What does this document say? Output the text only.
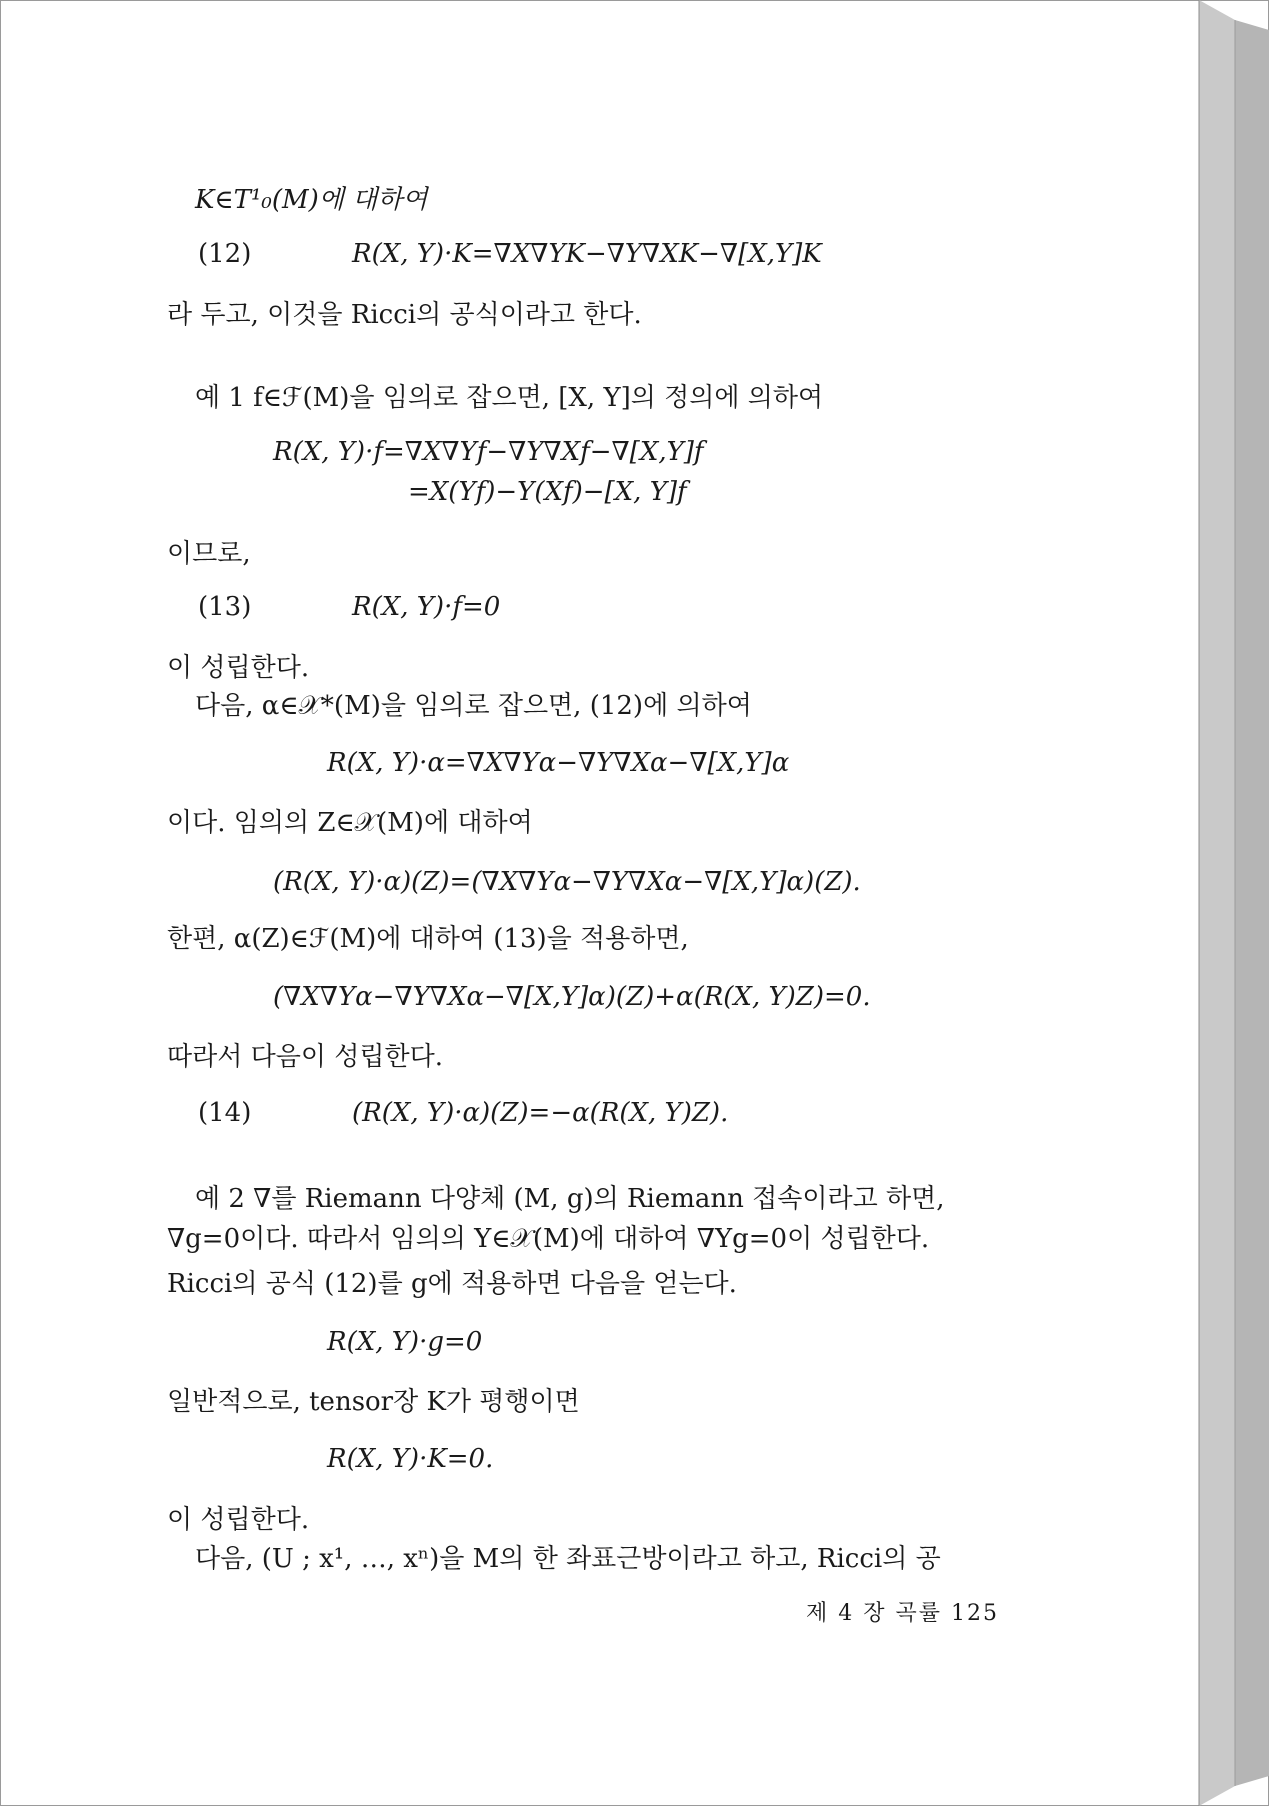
K∈T¹₀(M)에 대하여
(12)	R(X, Y)·K=∇X∇YK−∇Y∇XK−∇[X,Y]K
라 두고, 이것을 Ricci의 공식이라고 한다.
예 1 f∈ℱ(M)을 임의로 잡으면, [X, Y]의 정의에 의하여
R(X, Y)·f=∇X∇Yf−∇Y∇Xf−∇[X,Y]f
=X(Yf)−Y(Xf)−[X, Y]f
이므로,
(13)	R(X, Y)·f=0
이 성립한다.
다음, α∈𝒳*(M)을 임의로 잡으면, (12)에 의하여
R(X, Y)·α=∇X∇Yα−∇Y∇Xα−∇[X,Y]α
이다. 임의의 Z∈𝒳(M)에 대하여
(R(X, Y)·α)(Z)=(∇X∇Yα−∇Y∇Xα−∇[X,Y]α)(Z).
한편, α(Z)∈ℱ(M)에 대하여 (13)을 적용하면,
(∇X∇Yα−∇Y∇Xα−∇[X,Y]α)(Z)+α(R(X, Y)Z)=0.
따라서 다음이 성립한다.
(14)	(R(X, Y)·α)(Z)=−α(R(X, Y)Z).
예 2 ∇를 Riemann 다양체 (M, g)의 Riemann 접속이라고 하면,
∇g=0이다. 따라서 임의의 Y∈𝒳(M)에 대하여 ∇Yg=0이 성립한다.
Ricci의 공식 (12)를 g에 적용하면 다음을 얻는다.
R(X, Y)·g=0
일반적으로, tensor장 K가 평행이면
R(X, Y)·K=0.
이 성립한다.
다음, (U ; x¹, …, xⁿ)을 M의 한 좌표근방이라고 하고, Ricci의 공
제 4 장 곡률 125
